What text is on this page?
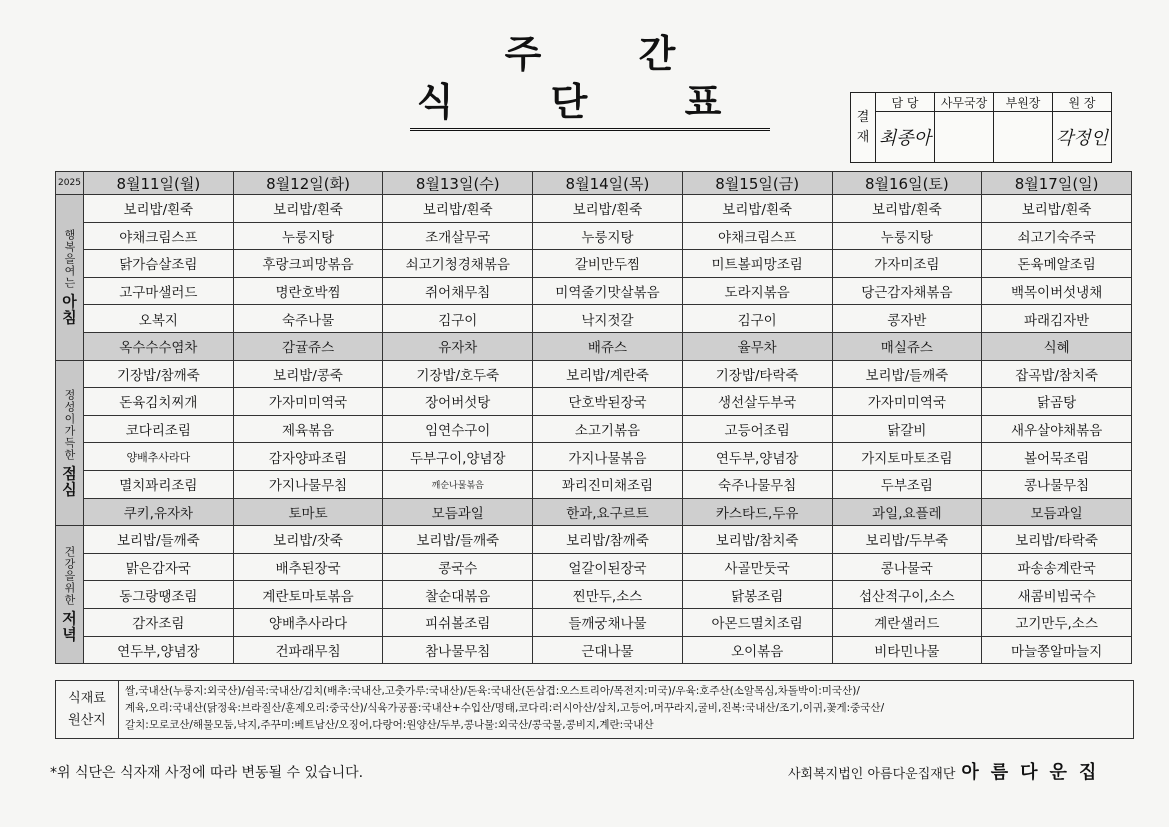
주 간 식 단 표	결
재	담 당	사무국장	부원장	원 장
	최종아			각정인
2025	8월11일(월)	8월12일(화)	8월13일(수)	8월14일(목)	8월15일(금)	8월16일(토)	8월17일(일)
행복을여는 아침	보리밥/흰죽	보리밥/흰죽	보리밥/흰죽	보리밥/흰죽	보리밥/흰죽	보리밥/흰죽	보리밥/흰죽
	야채크림스프	누룽지탕	조개살무국	누룽지탕	야채크림스프	누룽지탕	쇠고기숙주국
	닭가슴살조림	후랑크피망볶음	쇠고기청경채볶음	갈비만두찜	미트볼피망조림	가자미조림	돈육메알조림
	고구마샐러드	명란호박찜	쥐어채무침	미역줄기맛살볶음	도라지볶음	당근감자채볶음	백목이버섯냉채
	오복지	숙주나물	김구이	낙지젓갈	김구이	콩자반	파래김자반
	옥수수수염차	감귤쥬스	유자차	배쥬스	율무차	매실쥬스	식혜
정성이가득한 점심	기장밥/참깨죽	보리밥/콩죽	기장밥/호두죽	보리밥/계란죽	기장밥/타락죽	보리밥/들깨죽	잡곡밥/참치죽
	돈육김치찌개	가자미미역국	장어버섯탕	단호박된장국	생선살두부국	가자미미역국	닭곰탕
	코다리조림	제육볶음	임연수구이	소고기볶음	고등어조림	닭갈비	새우살야채볶음
	양배추사라다	감자양파조림	두부구이,양념장	가지나물볶음	연두부,양념장	가지토마토조림	볼어묵조림
	멸치꽈리조림	가지나물무침	깨순나물볶음	꽈리진미채조림	숙주나물무침	두부조림	콩나물무침
	쿠키,유자차	토마토	모듬과일	한과,요구르트	카스타드,두유	과일,요플레	모듬과일
건강을위한 저녁	보리밥/들깨죽	보리밥/잣죽	보리밥/들깨죽	보리밥/참깨죽	보리밥/참치죽	보리밥/두부죽	보리밥/타락죽
	맑은감자국	배추된장국	콩국수	얼갈이된장국	사골만둣국	콩나물국	파송송계란국
	동그랑땡조림	계란토마토볶음	찰순대볶음	찐만두,소스	닭봉조림	섭산적구이,소스	새콤비빔국수
	감자조림	양배추사라다	피쉬볼조림	들깨궁채나물	아몬드멸치조림	계란샐러드	고기만두,소스
	연두부,양념장	건파래무침	참나물무침	근대나물	오이볶음	비타민나물	마늘쫑알마늘지
식재료
원산지
쌀,국내산(누룽지:외국산)/쉼곡:국내산/김치(배추:국내산,고춧가루:국내산)/돈육:국내산(돈삼겹:오스트리아/목전지:미국)/우육:호주산(소알목심,차돌박이:미국산)/
계육,오리:국내산(닭정육:브라질산/훈제오리:중국산)/식육가공품:국내산+수입산/명태,코다리:러시아산/삼치,고등어,머꾸라지,굴비,진복:국내산/조기,이귀,꽃게:중국산/
갈치:모로코산/해물모둠,낙지,주꾸미:베트남산/오징어,다랑어:원양산/두부,콩나물:외국산/콩국물,콩비지,계란:국내산
*위 식단은 식자재 사정에 따라 변동될 수 있습니다.	사회복지법인 아름다운집재단 아름다운집
